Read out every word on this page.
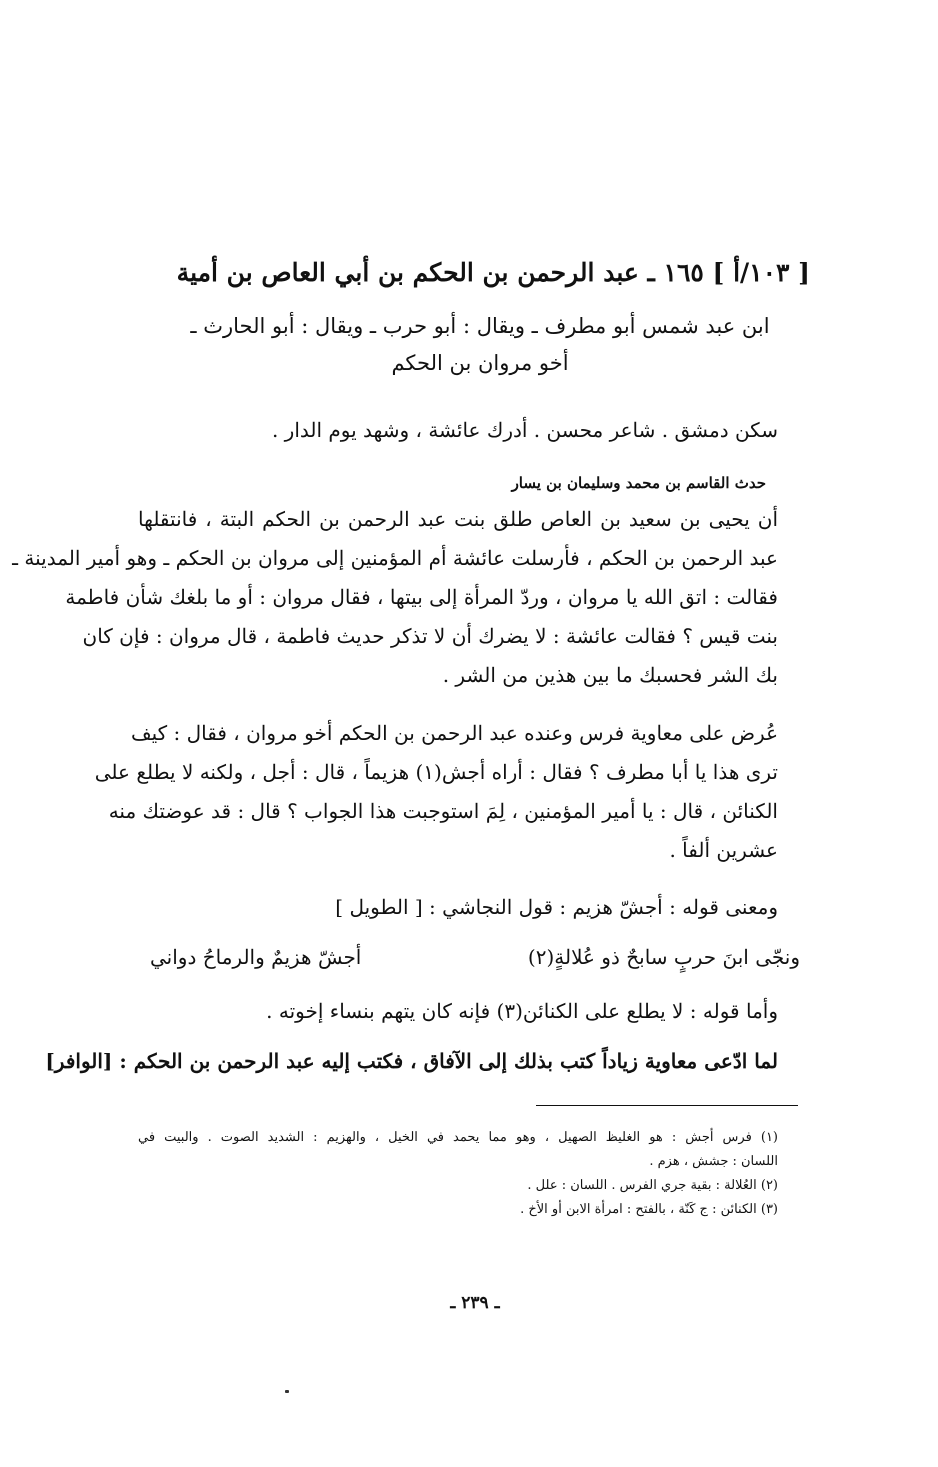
[ ١٠٣/أ ] ١٦٥ ـ عبد الرحمن بن الحكم بن أبي العاص بن أمية
ابن عبد شمس أبو مطرف ـ ويقال : أبو حرب ـ ويقال : أبو الحارث ـ
أخو مروان بن الحكم
سكن دمشق . شاعر محسن . أدرك عائشة ، وشهد يوم الدار .
حدث القاسم بن محمد وسليمان بن يسار
أن يحيى بن سعيد بن العاص طلق بنت عبد الرحمن بن الحكم البتة ، فانتقلها
عبد الرحمن بن الحكم ، فأرسلت عائشة أم المؤمنين إلى مروان بن الحكم ـ وهو أمير المدينة ـ
فقالت : اتق الله يا مروان ، وردّ المرأة إلى بيتها ، فقال مروان : أو ما بلغك شأن فاطمة
بنت قيس ؟ فقالت عائشة : لا يضرك أن لا تذكر حديث فاطمة ، قال مروان : فإن كان
بك الشر فحسبك ما بين هذين من الشر .
عُرض على معاوية فرس وعنده عبد الرحمن بن الحكم أخو مروان ، فقال : كيف
ترى هذا يا أبا مطرف ؟ فقال : أراه أجش(١) هزيماً ، قال : أجل ، ولكنه لا يطلع على
الكنائن ، قال : يا أمير المؤمنين ، لِمَ استوجبت هذا الجواب ؟ قال : قد عوضتك منه
عشرين ألفاً .
ومعنى قوله : أجشّ هزيم : قول النجاشي : [ الطويل ]
ونجّى ابنَ حربٍ سابحٌ ذو عُلالةٍ(٢)
أجشّ هزيمٌ والرماحُ دواني
وأما قوله : لا يطلع على الكنائن(٣) فإنه كان يتهم بنساء إخوته .
لما ادّعى معاوية زياداً كتب بذلك إلى الآفاق ، فكتب إليه عبد الرحمن بن الحكم : [الوافر]
(١) فرس أجش : هو الغليظ الصهيل ، وهو مما يحمد في الخيل ، والهزيم : الشديد الصوت . والبيت في
اللسان : جشش ، هزم .
(٢) العُلالة : بقية جري الفرس . اللسان : علل .
(٣) الكنائن : ج كَنّة ، بالفتح : امرأة الابن أو الأخ .
ـ ٢٣٩ ـ
